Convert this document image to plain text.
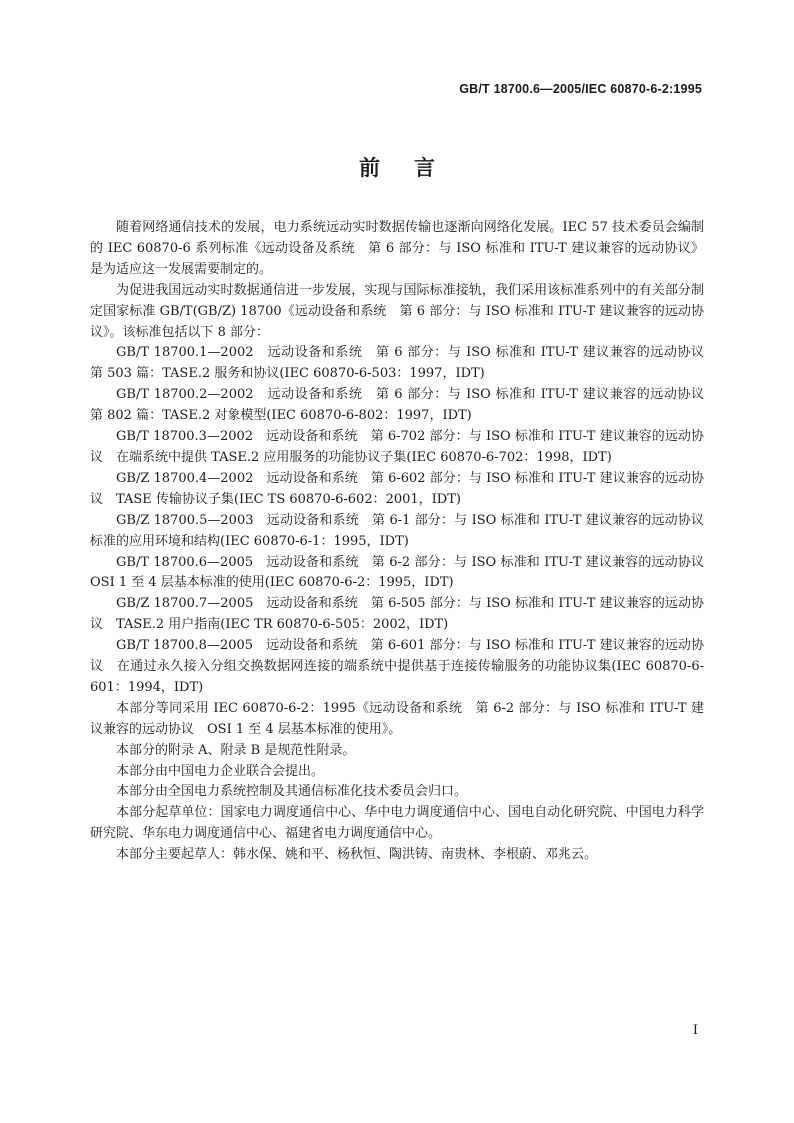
GB/T 18700.6—2005/IEC 60870-6-2:1995
前言

随着网络通信技术的发展，电力系统远动实时数据传输也逐渐向网络化发展。IEC 57 技术委员会编制的 IEC 60870-6 系列标准《远动设备及系统　第 6 部分：与 ISO 标准和 ITU-T 建议兼容的远动协议》是为适应这一发展需要制定的。

为促进我国远动实时数据通信进一步发展，实现与国际标准接轨，我们采用该标准系列中的有关部分制定国家标准 GB/T(GB/Z) 18700《远动设备和系统　第 6 部分：与 ISO 标准和 ITU-T 建议兼容的远动协议》。该标准包括以下 8 部分：

GB/T 18700.1—2002　远动设备和系统　第 6 部分：与 ISO 标准和 ITU-T 建议兼容的远动协议　第 503 篇：TASE.2 服务和协议(IEC 60870-6-503：1997，IDT)

GB/T 18700.2—2002　远动设备和系统　第 6 部分：与 ISO 标准和 ITU-T 建议兼容的远动协议　第 802 篇：TASE.2 对象模型(IEC 60870-6-802：1997，IDT)

GB/T 18700.3—2002　远动设备和系统　第 6-702 部分：与 ISO 标准和 ITU-T 建议兼容的远动协议　在端系统中提供 TASE.2 应用服务的功能协议子集(IEC 60870-6-702：1998，IDT)

GB/Z 18700.4—2002　远动设备和系统　第 6-602 部分：与 ISO 标准和 ITU-T 建议兼容的远动协议　TASE 传输协议子集(IEC TS 60870-6-602：2001，IDT)

GB/Z 18700.5—2003　远动设备和系统　第 6-1 部分：与 ISO 标准和 ITU-T 建议兼容的远动协议标准的应用环境和结构(IEC 60870-6-1：1995，IDT)

GB/T 18700.6—2005　远动设备和系统　第 6-2 部分：与 ISO 标准和 ITU-T 建议兼容的远动协议　OSI 1 至 4 层基本标准的使用(IEC 60870-6-2：1995，IDT)

GB/Z 18700.7—2005　远动设备和系统　第 6-505 部分：与 ISO 标准和 ITU-T 建议兼容的远动协议　TASE.2 用户指南(IEC TR 60870-6-505：2002，IDT)

GB/T 18700.8—2005　远动设备和系统　第 6-601 部分：与 ISO 标准和 ITU-T 建议兼容的远动协议　在通过永久接入分组交换数据网连接的端系统中提供基于连接传输服务的功能协议集(IEC 60870-6-601：1994，IDT)

本部分等同采用 IEC 60870-6-2：1995《远动设备和系统　第 6-2 部分：与 ISO 标准和 ITU-T 建议兼容的远动协议　OSI 1 至 4 层基本标准的使用》。

本部分的附录 A、附录 B 是规范性附录。

本部分由中国电力企业联合会提出。

本部分由全国电力系统控制及其通信标准化技术委员会归口。

本部分起草单位：国家电力调度通信中心、华中电力调度通信中心、国电自动化研究院、中国电力科学研究院、华东电力调度通信中心、福建省电力调度通信中心。

本部分主要起草人：韩水保、姚和平、杨秋恒、陶洪铸、南贵林、李根蔚、邓兆云。

I
